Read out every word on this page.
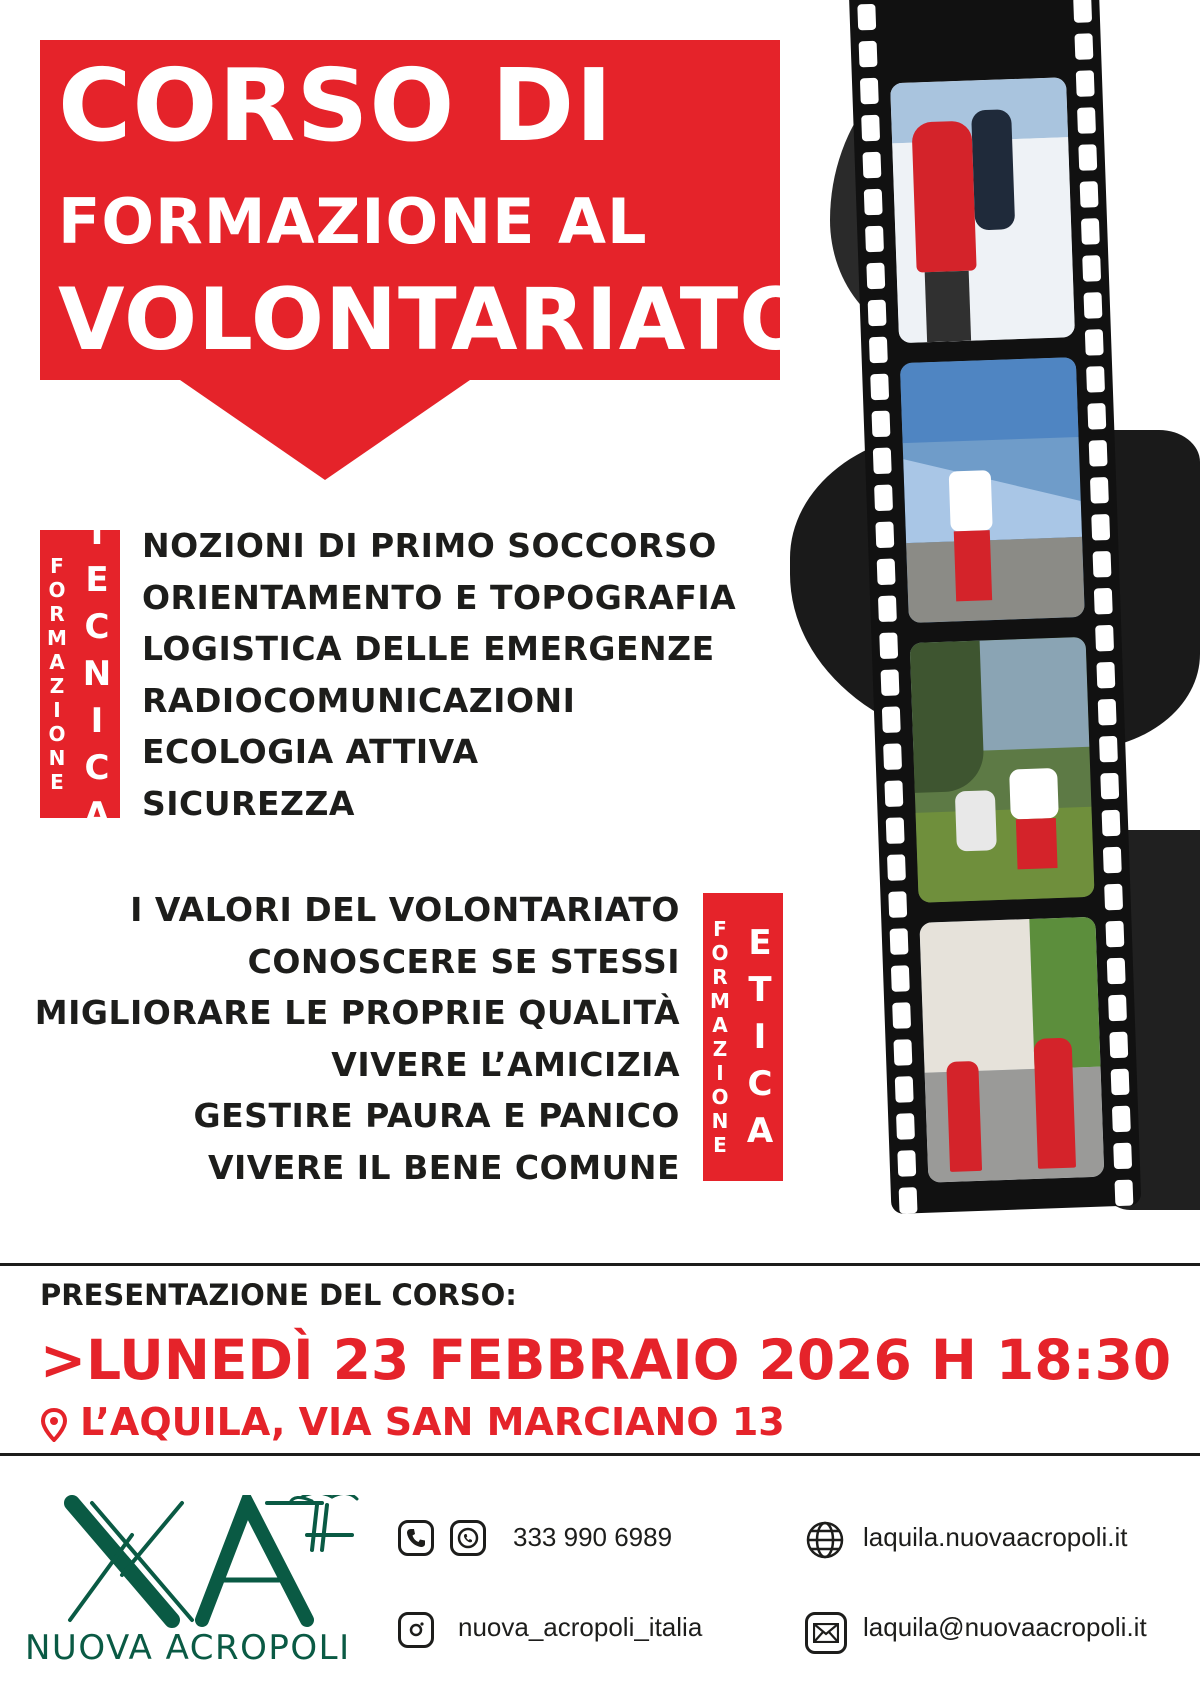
CORSO DI
FORMAZIONE AL
VOLONTARIATO
F
O
R
M
A
Z
I
O
N
E
T
E
C
N
I
C
A
NOZIONI DI PRIMO SOCCORSO
ORIENTAMENTO E TOPOGRAFIA
LOGISTICA DELLE EMERGENZE
RADIOCOMUNICAZIONI
ECOLOGIA ATTIVA
SICUREZZA
I VALORI DEL VOLONTARIATO
CONOSCERE SE STESSI
MIGLIORARE LE PROPRIE QUALITÀ
VIVERE L’AMICIZIA
GESTIRE PAURA E PANICO
VIVERE IL BENE COMUNE
F
O
R
M
A
Z
I
O
N
E
E
T
I
C
A
PRESENTAZIONE DEL CORSO:
>LUNEDÌ 23 FEBBRAIO 2026 H 18:30
L’AQUILA, VIA SAN MARCIANO 13
NUOVA ACROPOLI
333 990 6989	laquila.nuovaacropoli.it
nuova_acropoli_italia	laquila@nuovaacropoli.it
